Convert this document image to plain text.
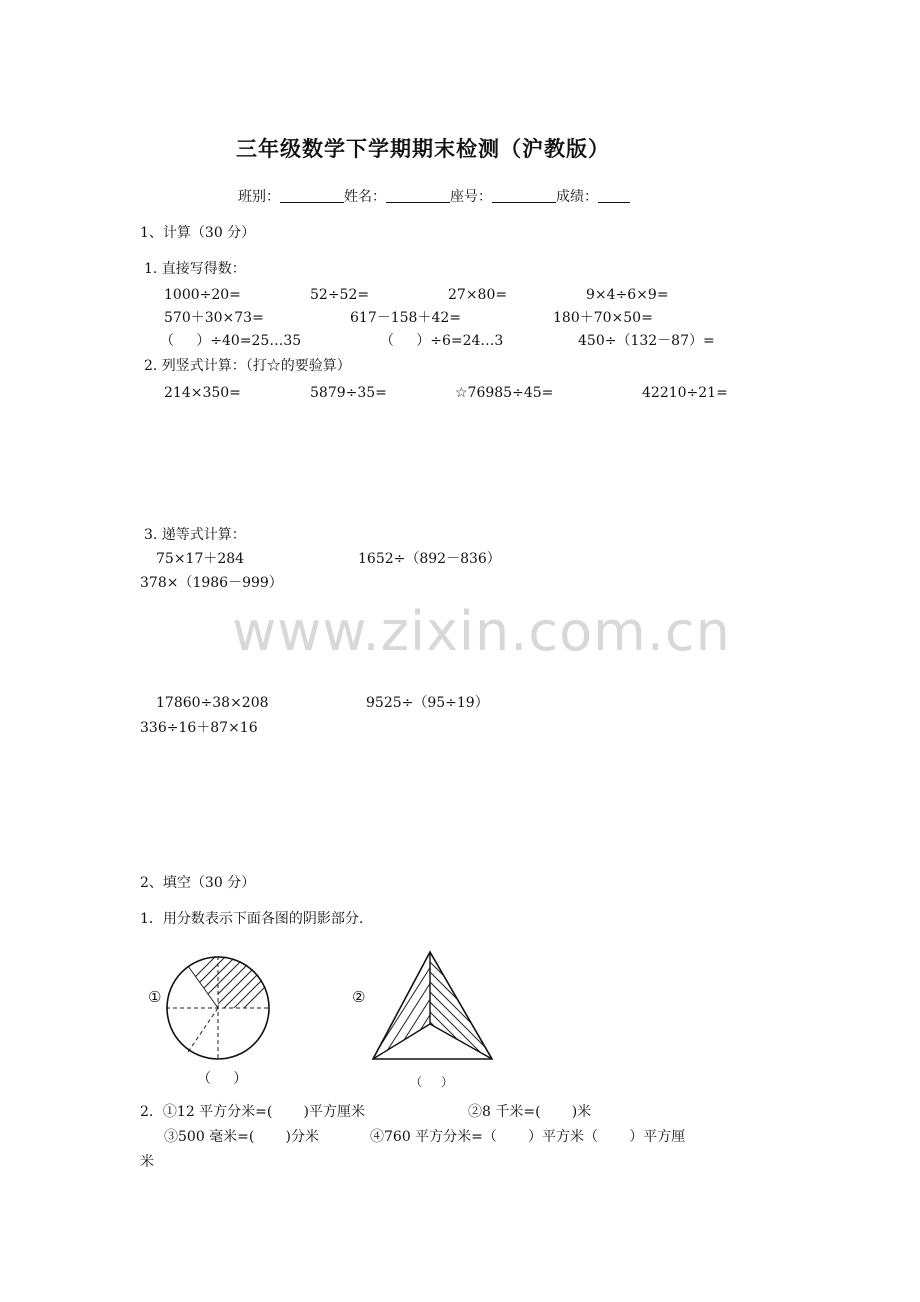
www.zixin.com.cn
三年级数学下学期期末检测（沪教版）
班别：	姓名：	座号：	成绩：
1、计算（30 分）
1. 直接写得数：
1000÷20=	52÷52=	27×80=	9×4÷6×9=
570＋30×73=	617－158＋42=	180＋70×50=
（     ）÷40=25…35	（     ）÷6=24…3	450÷（132－87）=
2. 列竖式计算：（打☆的要验算）
214×350=	5879÷35=	☆76985÷45=	42210÷21=
3. 递等式计算：
75×17＋284	1652÷（892－836）
378×（1986－999）
17860÷38×208	9525÷（95÷19）
336÷16＋87×16
2、填空（30 分）
1．用分数表示下面各图的阴影部分.
①
（     ）
②
（     ）
2．①12 平方分米=(       )平方厘米	②8 千米=(       )米
③500 毫米=(       )分米	④760 平方分米=（       ）平方米（       ）平方厘
米
